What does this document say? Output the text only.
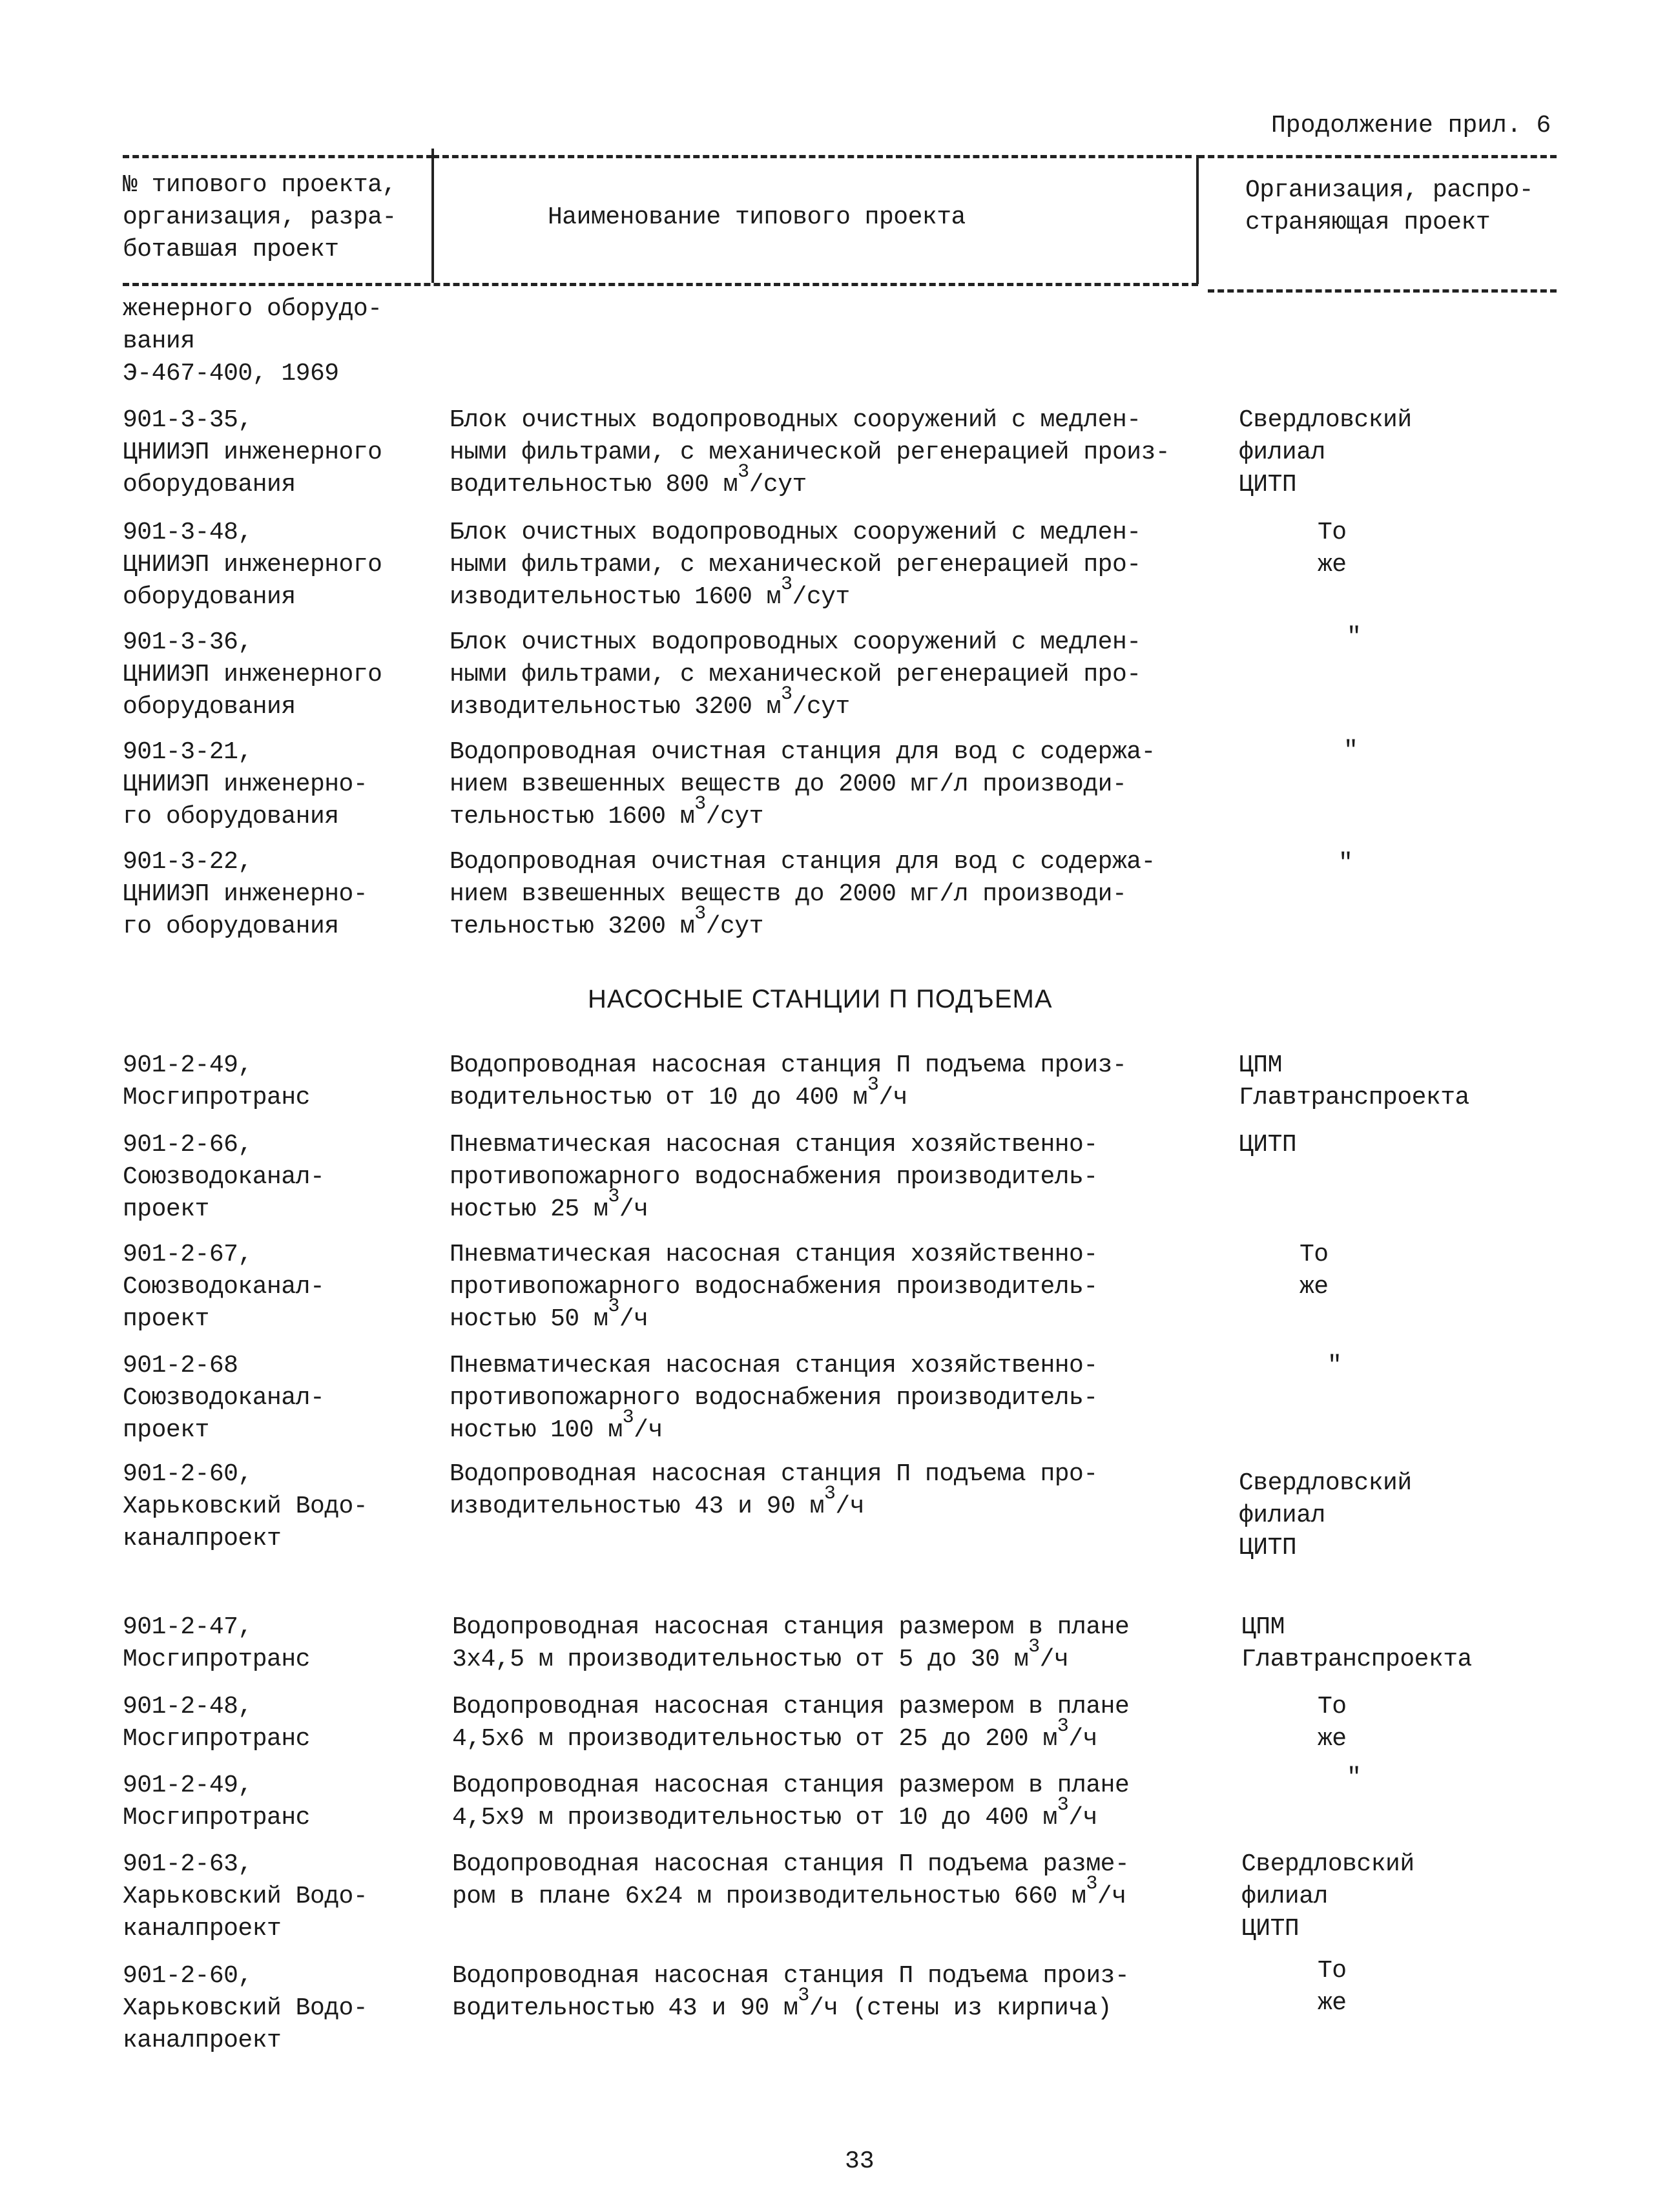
Продолжение прил. 6
№ типового проекта,
организация, разра-
ботавшая проект
Наименование типового проекта
Организация, распро-
страняющая проект
женерного оборудо-
вания
Э-467-400, 1969
901-3-35,
ЦНИИЭП инженерного
оборудования
Блок очистных водопроводных сооружений с медлен-
ными фильтрами, с механической регенерацией произ-
водительностью 800 $м^3$/сут
Свердловский филиал
ЦИТП
901-3-48,
ЦНИИЭП инженерного
оборудования
Блок очистных водопроводных сооружений с медлен-
ными фильтрами, с механической регенерацией про-
изводительностью 1600 $м^3$/сут
То же
901-3-36,
ЦНИИЭП инженерного
оборудования
Блок очистных водопроводных сооружений с медлен-
ными фильтрами, с механической регенерацией про-
изводительностью 3200 $м^3$/сут
"
901-3-21,
ЦНИИЭП инженерно-
го оборудования
Водопроводная очистная станция для вод с содержа-
нием взвешенных веществ до 2000 мг/л производи-
тельностью 1600 $м^3$/сут
"
901-3-22,
ЦНИИЭП инженерно-
го оборудования
Водопроводная очистная станция для вод с содержа-
нием взвешенных веществ до 2000 мг/л производи-
тельностью 3200 $м^3$/сут
"
НАСОСНЫЕ СТАНЦИИ П ПОДЪЕМА
901-2-49,
Мосгипротранс
Водопроводная насосная станция П подъема произ-
водительностью от 10 до 400 $м^3/ч$
ЦПМ Главтранспроекта
901-2-66,
Союзводоканал-
проект
Пневматическая насосная станция хозяйственно-
противопожарного водоснабжения производитель-
ностью 25 $м^3/ч$
ЦИТП
901-2-67,
Союзводоканал-
проект
Пневматическая насосная станция хозяйственно-
противопожарного водоснабжения производитель-
ностью 50 $м^3/ч$
То же
901-2-68
Союзводоканал-
проект
Пневматическая насосная станция хозяйственно-
противопожарного водоснабжения производитель-
ностью 100 $м^3/ч$
"
901-2-60,
Харьковский Водо-
каналпроект
Водопроводная насосная станция П подъема про-
изводительностью 43 и 90 $м^3/ч$
Свердловский филиал
ЦИТП
901-2-47,
Мосгипротранс
Водопроводная насосная станция размером в плане
3х4,5 м производительностью от 5 до 30 $м^3/ч$
ЦПМ Главтранспроекта
901-2-48,
Мосгипротранс
Водопроводная насосная станция размером в плане
4,5х6 м производительностью от 25 до 200 $м^3/ч$
То же
901-2-49,
Мосгипротранс
Водопроводная насосная станция размером в плане
4,5х9 м производительностью от 10 до 400 $м^3/ч$
"
901-2-63,
Харьковский Водо-
каналпроект
Водопроводная насосная станция П подъема разме-
ром в плане 6х24 м производительностью 660 $м^3/ч$
Свердловский филиал
ЦИТП
901-2-60,
Харьковский Водо-
каналпроект
Водопроводная насосная станция П подъема произ-
водительностью 43 и 90 $м^3/ч$ (стены из кирпича)
То же
33
